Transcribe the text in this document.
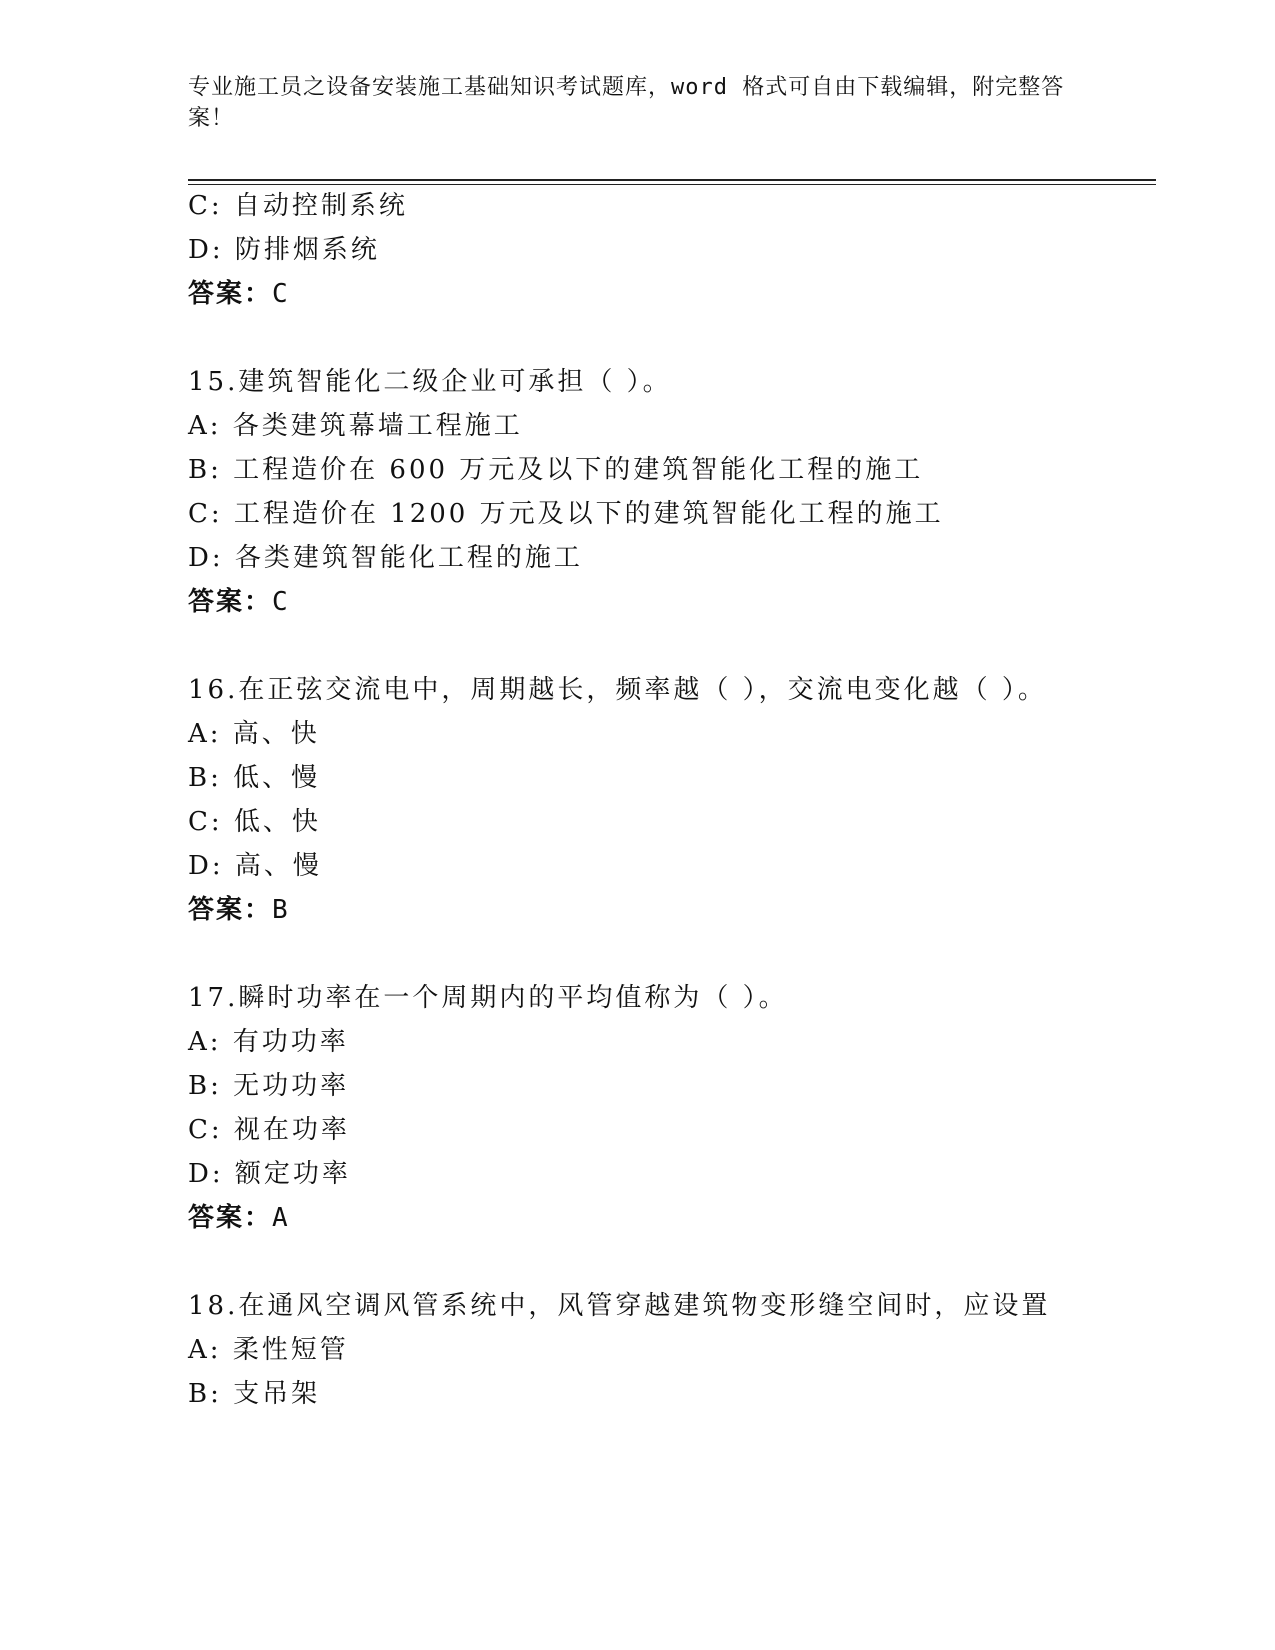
专业施工员之设备安装施工基础知识考试题库，word 格式可自由下载编辑，附完整答案！
C: 自动控制系统
D: 防排烟系统
答案：C
15.建筑智能化二级企业可承担（ ）。
A: 各类建筑幕墙工程施工
B: 工程造价在 600 万元及以下的建筑智能化工程的施工
C: 工程造价在 1200 万元及以下的建筑智能化工程的施工
D: 各类建筑智能化工程的施工
答案：C
16.在正弦交流电中，周期越长，频率越（ ），交流电变化越（ ）。
A: 高、快
B: 低、慢
C: 低、快
D: 高、慢
答案：B
17.瞬时功率在一个周期内的平均值称为（ ）。
A: 有功功率
B: 无功功率
C: 视在功率
D: 额定功率
答案：A
18.在通风空调风管系统中，风管穿越建筑物变形缝空间时，应设置
A: 柔性短管
B: 支吊架
